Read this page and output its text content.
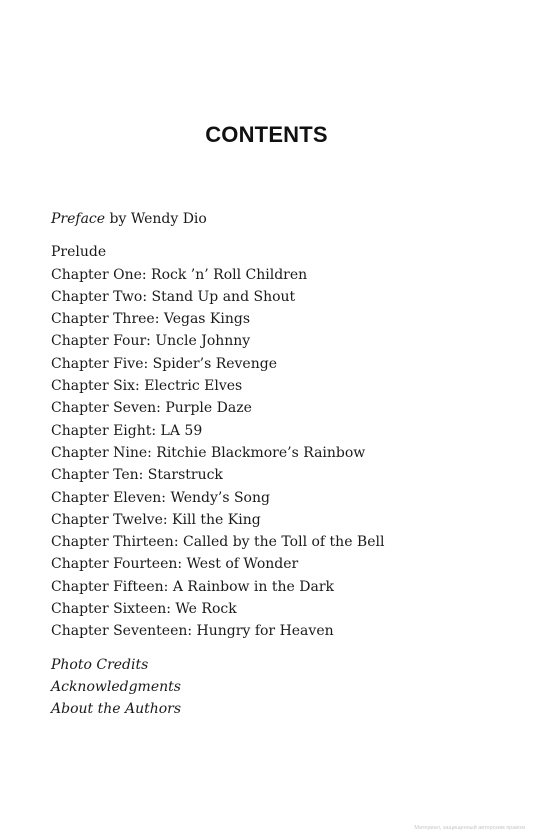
CONTENTS
Preface by Wendy Dio
Prelude
Chapter One: Rock ’n’ Roll Children
Chapter Two: Stand Up and Shout
Chapter Three: Vegas Kings
Chapter Four: Uncle Johnny
Chapter Five: Spider’s Revenge
Chapter Six: Electric Elves
Chapter Seven: Purple Daze
Chapter Eight: LA 59
Chapter Nine: Ritchie Blackmore’s Rainbow
Chapter Ten: Starstruck
Chapter Eleven: Wendy’s Song
Chapter Twelve: Kill the King
Chapter Thirteen: Called by the Toll of the Bell
Chapter Fourteen: West of Wonder
Chapter Fifteen: A Rainbow in the Dark
Chapter Sixteen: We Rock
Chapter Seventeen: Hungry for Heaven
Photo Credits
Acknowledgments
About the Authors
Материал, защищенный авторским правом
